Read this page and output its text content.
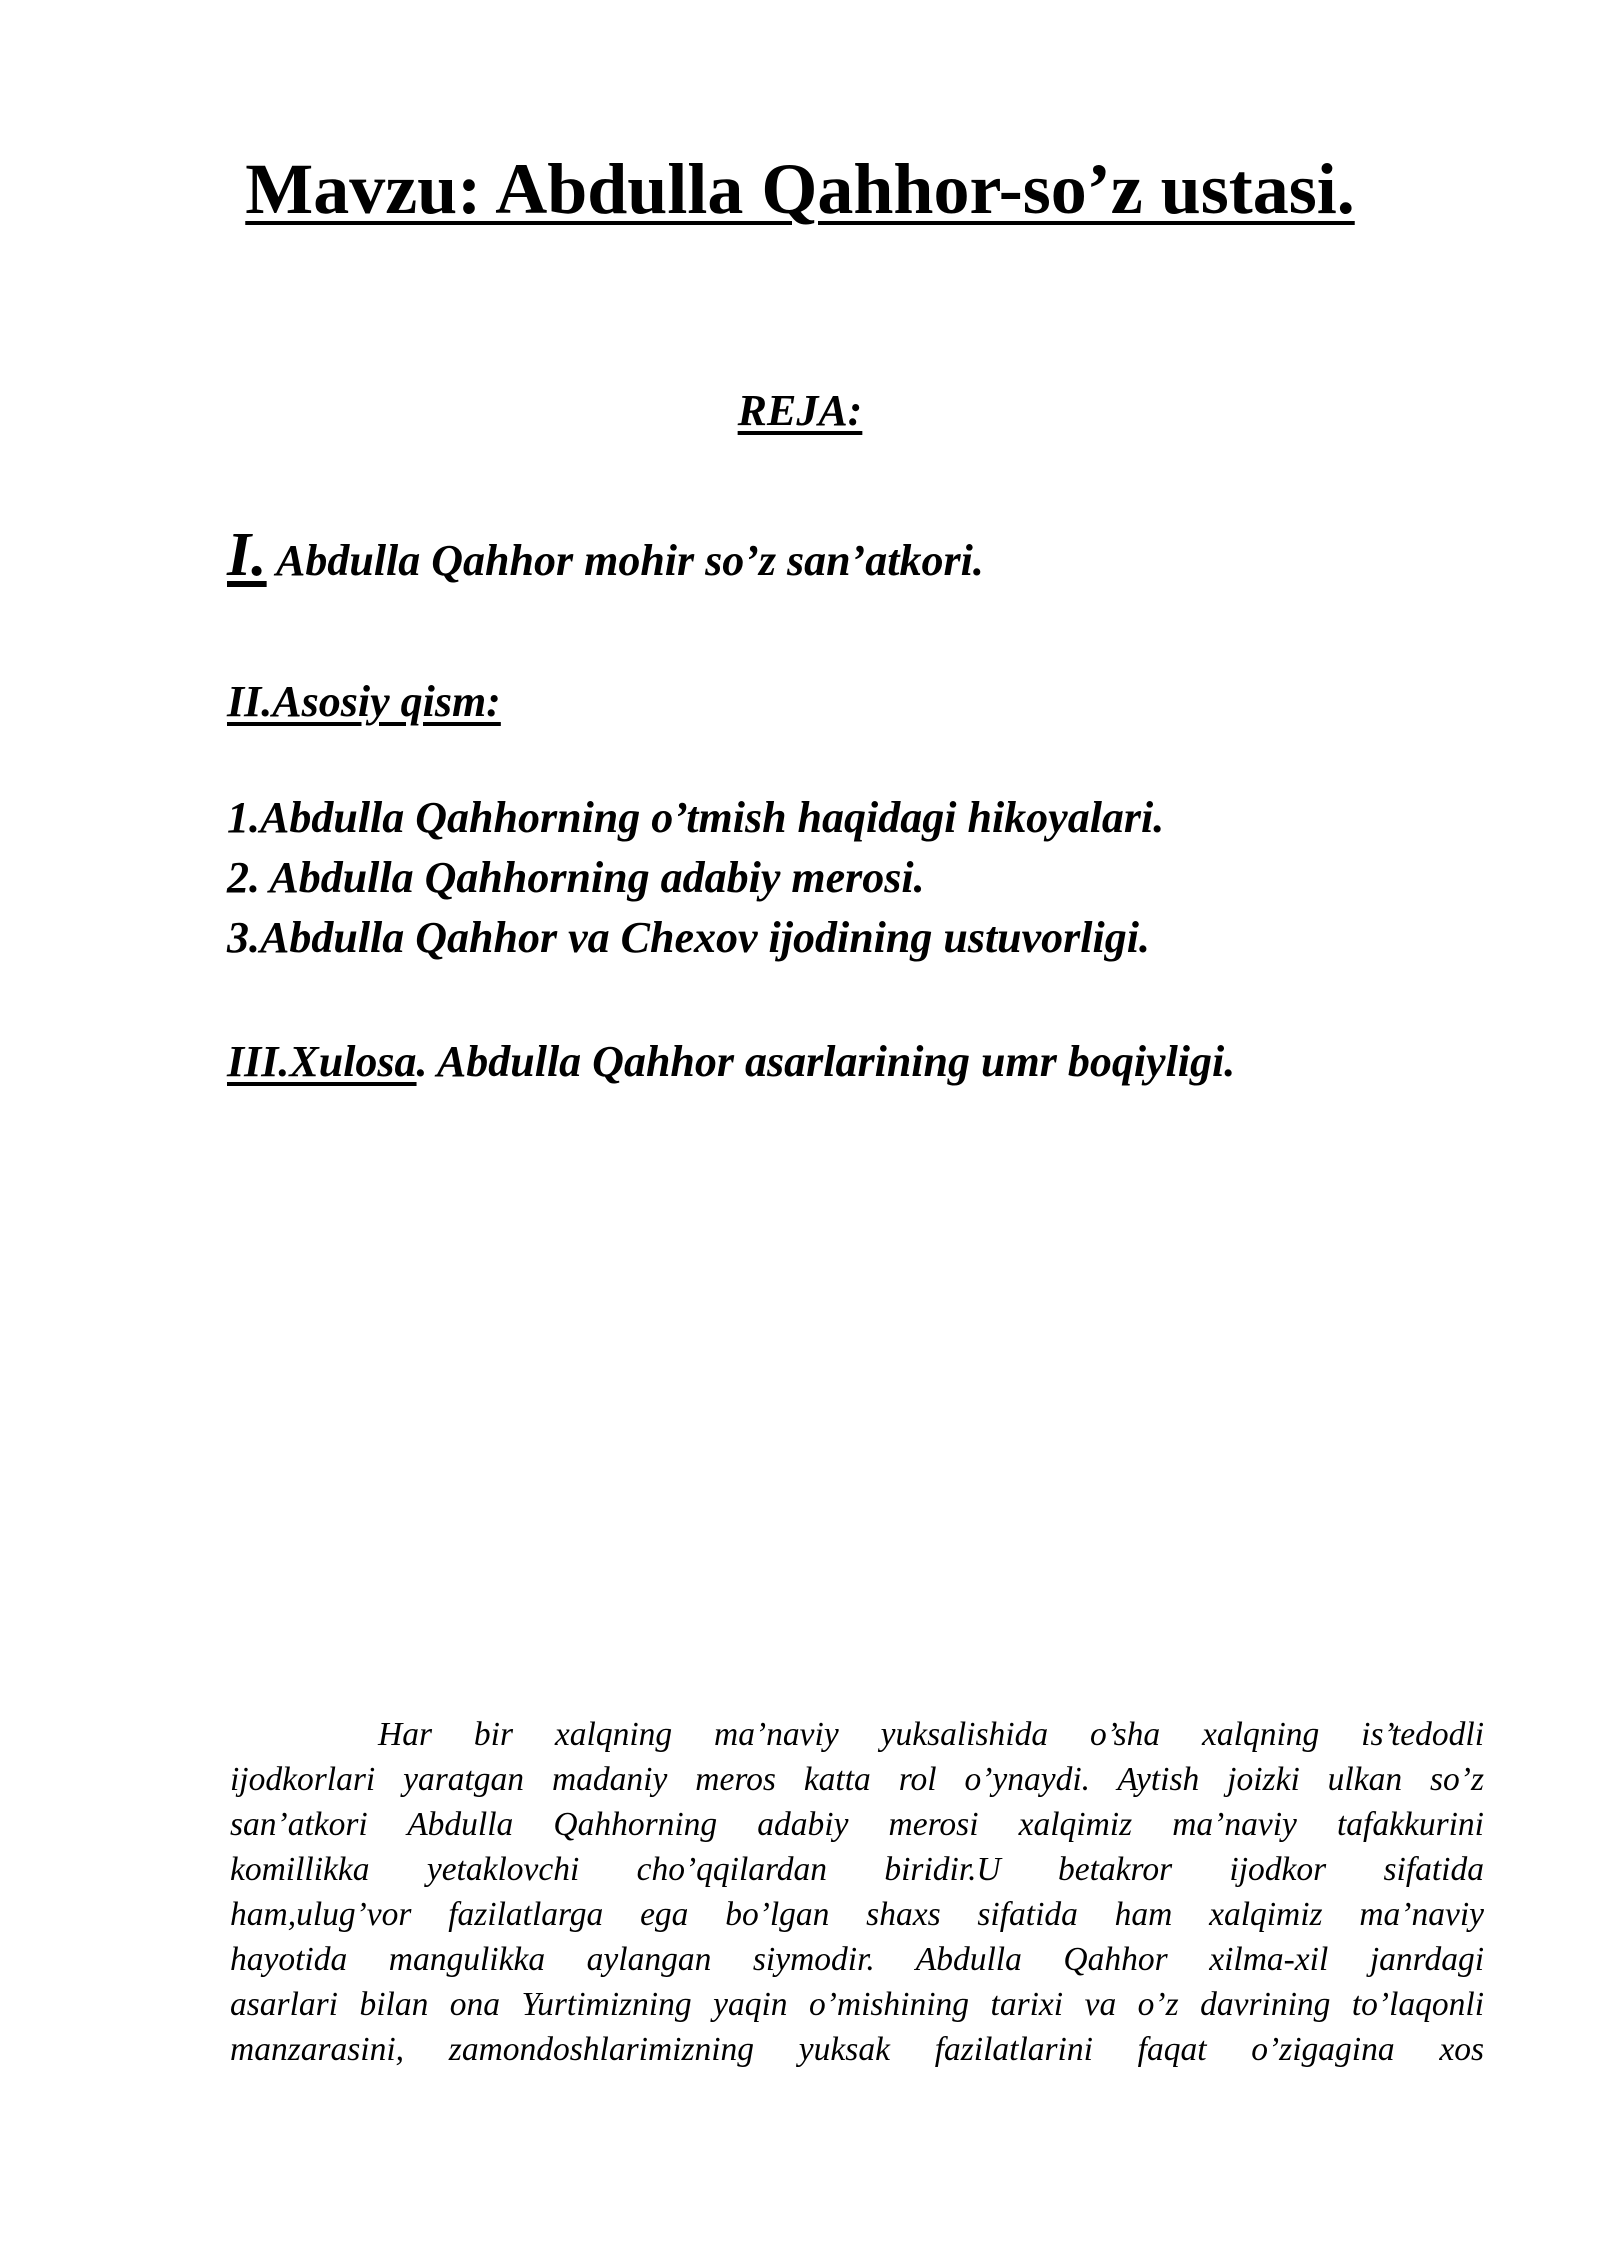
Mavzu: Abdulla Qahhor-so’z ustasi.

REJA:

I. Abdulla Qahhor mohir so’z san’atkori.

II.Asosiy qism:

1.Abdulla Qahhorning o’tmish haqidagi hikoyalari.

2. Abdulla Qahhorning adabiy merosi.

3.Abdulla Qahhor va Chexov ijodining ustuvorligi.

III.Xulosa. Abdulla Qahhor asarlarining umr boqiyligi.

Har bir xalqning ma’naviy yuksalishida o’sha xalqning is’tedodli
ijodkorlari yaratgan madaniy meros katta rol o’ynaydi. Aytish joizki ulkan so’z
san’atkori Abdulla Qahhorning adabiy merosi xalqimiz ma’naviy tafakkurini
komillikka yetaklovchi cho’qqilardan biridir.U betakror ijodkor sifatida
ham,ulug’vor fazilatlarga ega bo’lgan shaxs sifatida ham xalqimiz ma’naviy
hayotida mangulikka aylangan siymodir. Abdulla Qahhor xilma-xil janrdagi
asarlari bilan ona Yurtimizning yaqin o’mishining tarixi va o’z davrining to’laqonli
manzarasini, zamondoshlarimizning yuksak fazilatlarini faqat o’zigagina xos
